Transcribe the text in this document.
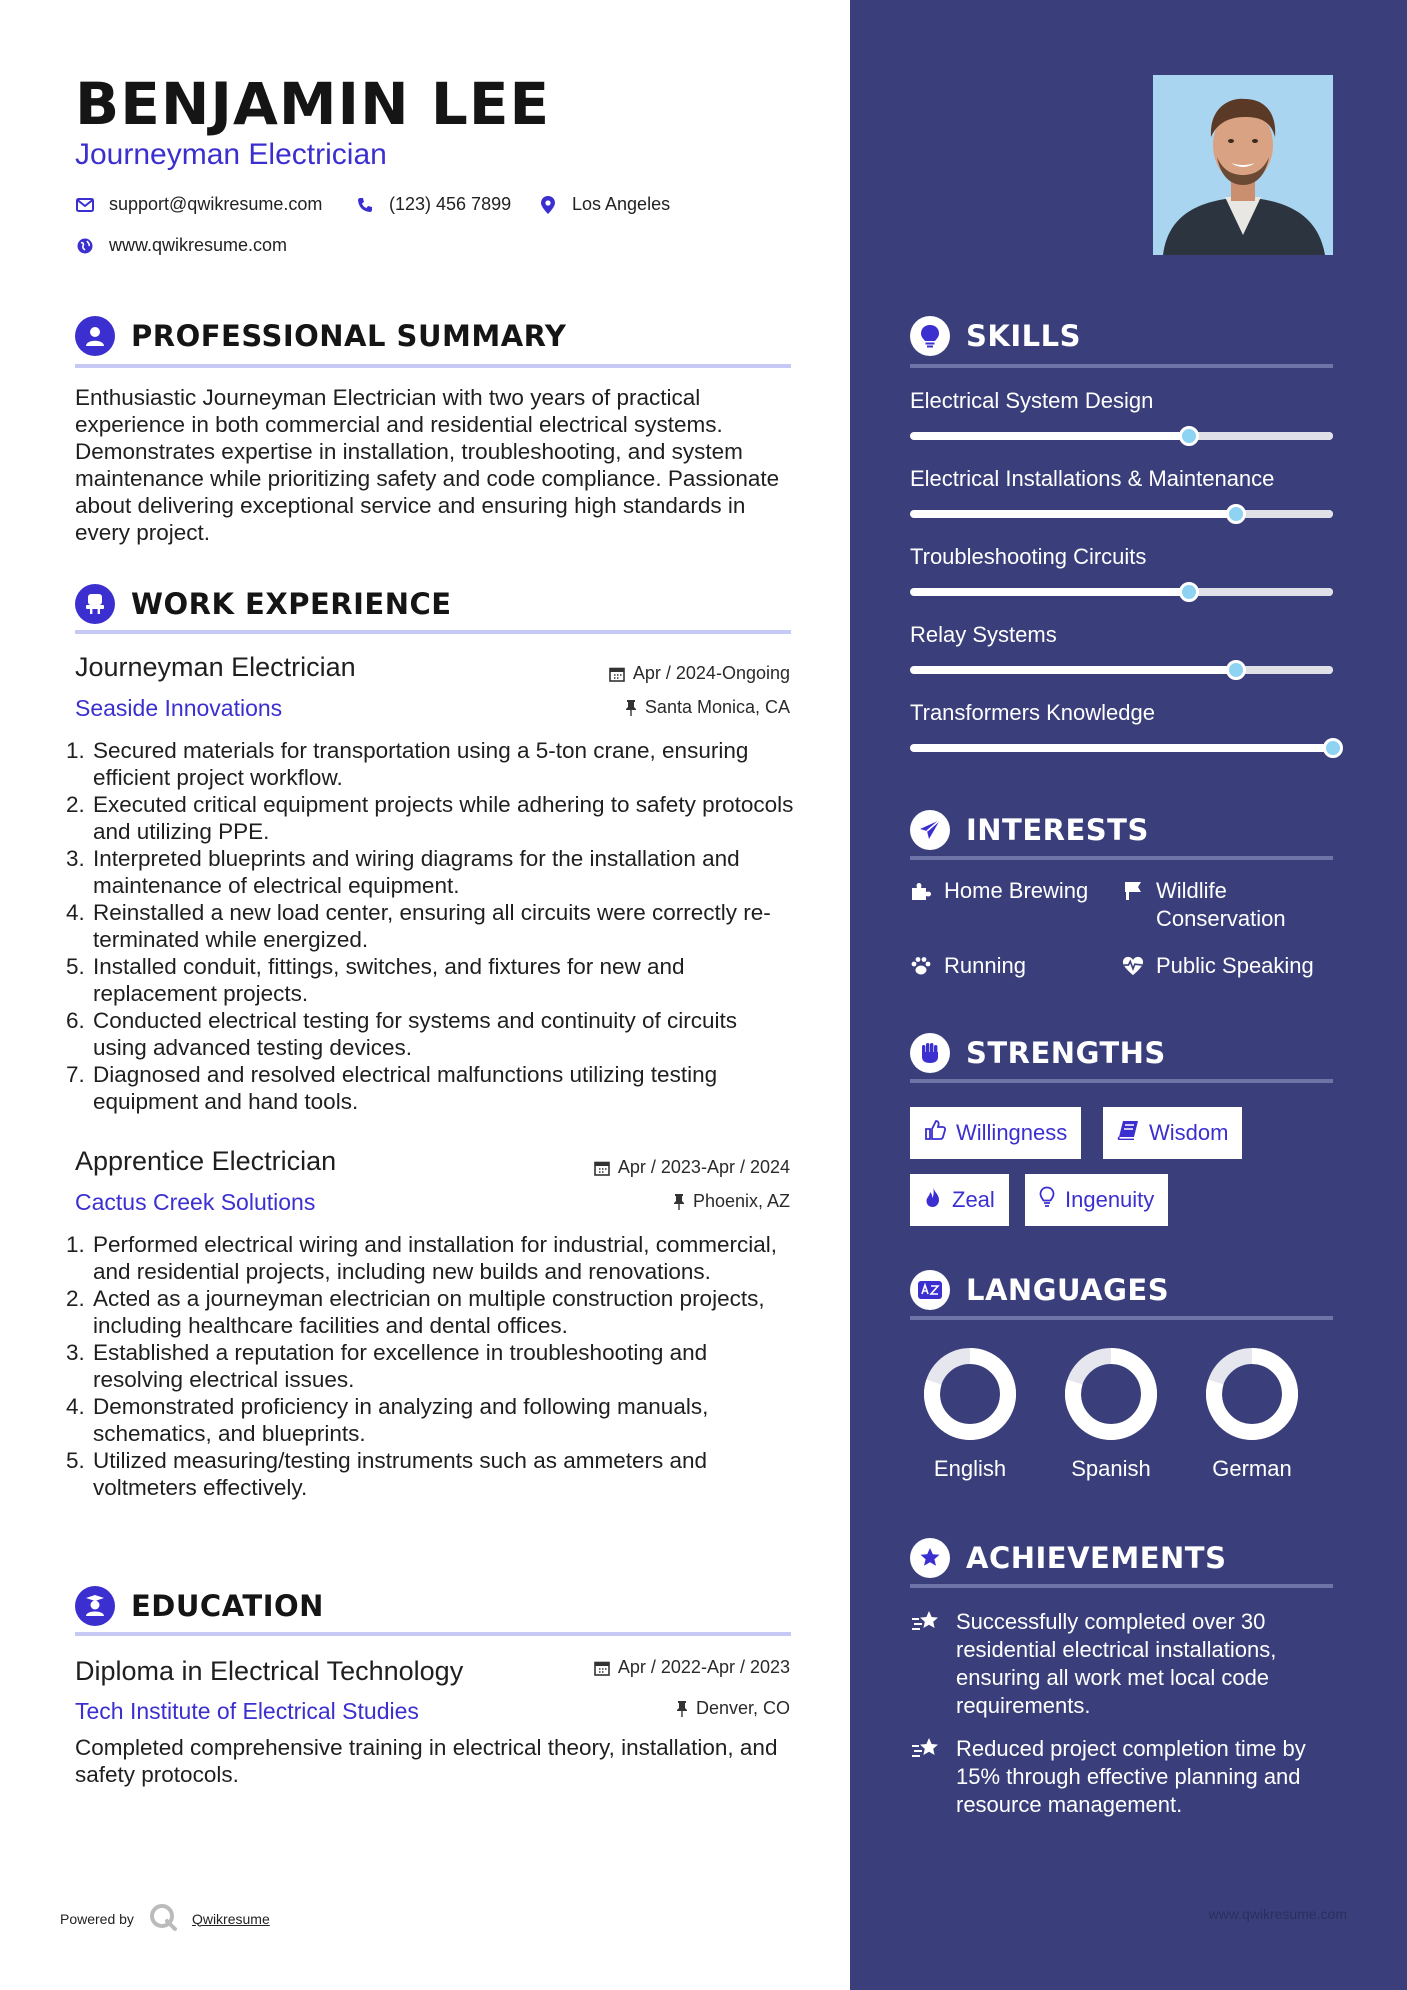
BENJAMIN LEE
Journeyman Electrician
support@qwikresume.com	(123) 456 7899	Los Angeles
www.qwikresume.com
PROFESSIONAL SUMMARY
Enthusiastic Journeyman Electrician with two years of practical experience in both commercial and residential electrical systems. Demonstrates expertise in installation, troubleshooting, and system maintenance while prioritizing safety and code compliance. Passionate about delivering exceptional service and ensuring high standards in every project.
WORK EXPERIENCE
Journeyman Electrician	Apr / 2024-Ongoing
Seaside Innovations	Santa Monica, CA
1. Secured materials for transportation using a 5-ton crane, ensuring efficient project workflow.
2. Executed critical equipment projects while adhering to safety protocols and utilizing PPE.
3. Interpreted blueprints and wiring diagrams for the installation and maintenance of electrical equipment.
4. Reinstalled a new load center, ensuring all circuits were correctly re-terminated while energized.
5. Installed conduit, fittings, switches, and fixtures for new and replacement projects.
6. Conducted electrical testing for systems and continuity of circuits using advanced testing devices.
7. Diagnosed and resolved electrical malfunctions utilizing testing equipment and hand tools.
Apprentice Electrician	Apr / 2023-Apr / 2024
Cactus Creek Solutions	Phoenix, AZ
1. Performed electrical wiring and installation for industrial, commercial, and residential projects, including new builds and renovations.
2. Acted as a journeyman electrician on multiple construction projects, including healthcare facilities and dental offices.
3. Established a reputation for excellence in troubleshooting and resolving electrical issues.
4. Demonstrated proficiency in analyzing and following manuals, schematics, and blueprints.
5. Utilized measuring/testing instruments such as ammeters and voltmeters effectively.
EDUCATION
Diploma in Electrical Technology	Apr / 2022-Apr / 2023
Tech Institute of Electrical Studies	Denver, CO
Completed comprehensive training in electrical theory, installation, and safety protocols.
Powered by	Qwikresume
SKILLS
Electrical System Design
Electrical Installations & Maintenance
Troubleshooting Circuits
Relay Systems
Transformers Knowledge
INTERESTS
Home Brewing	Wildlife Conservation
Running	Public Speaking
STRENGTHS
Willingness	Wisdom
Zeal	Ingenuity
LANGUAGES
English	Spanish	German
ACHIEVEMENTS
Successfully completed over 30 residential electrical installations, ensuring all work met local code requirements.
Reduced project completion time by 15% through effective planning and resource management.
www.qwikresume.com
